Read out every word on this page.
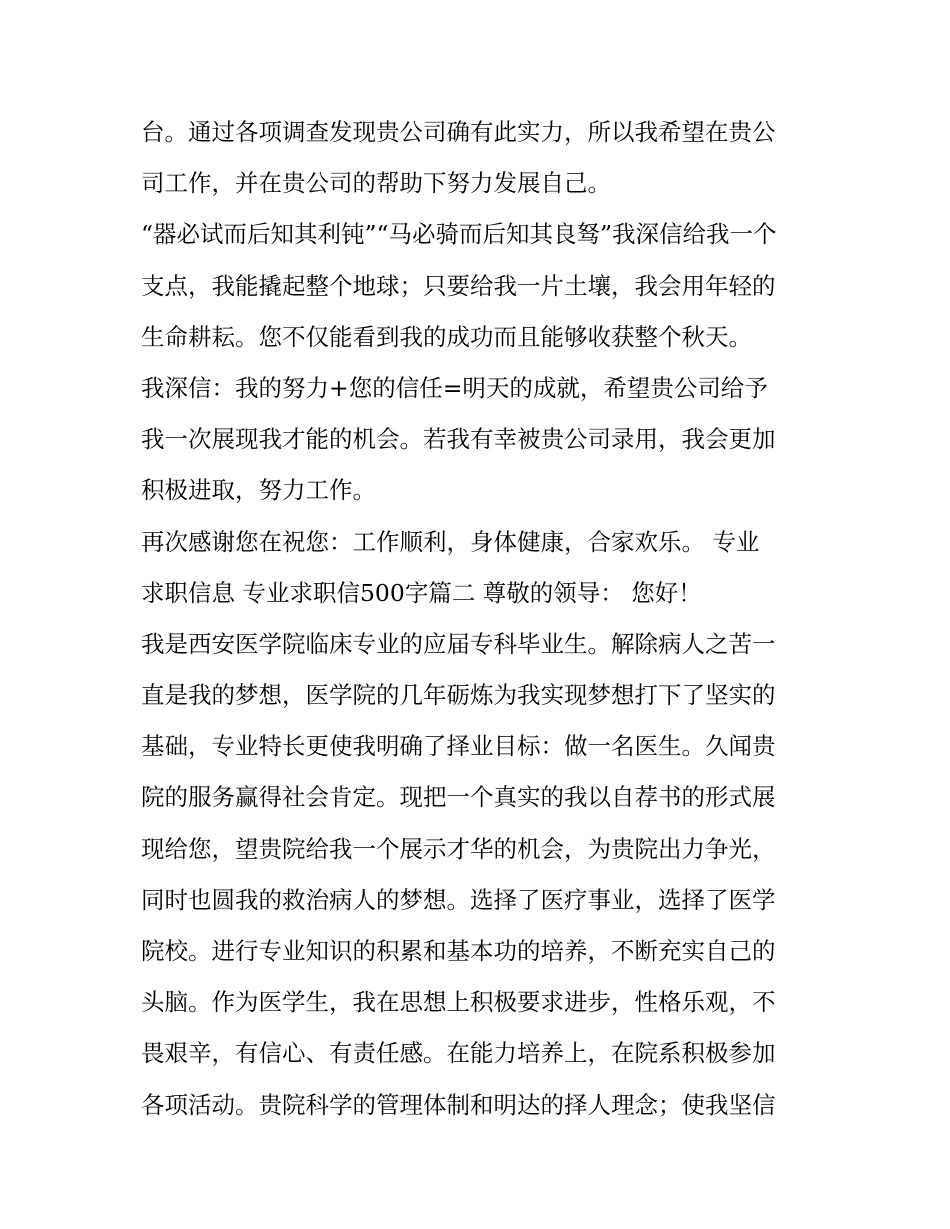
台。通过各项调查发现贵公司确有此实力，所以我希望在贵公
司工作，并在贵公司的帮助下努力发展自己。
“器必试而后知其利钝”“马必骑而后知其良驽”我深信给我一个
支点，我能撬起整个地球；只要给我一片土壤，我会用年轻的
生命耕耘。您不仅能看到我的成功而且能够收获整个秋天。
我深信：我的努力+您的信任=明天的成就，希望贵公司给予
我一次展现我才能的机会。若我有幸被贵公司录用，我会更加
积极进取，努力工作。
再次感谢您在祝您：工作顺利，身体健康，合家欢乐。 专业
求职信息 专业求职信500字篇二 尊敬的领导： 您好！
我是西安医学院临床专业的应届专科毕业生。解除病人之苦一
直是我的梦想，医学院的几年砺炼为我实现梦想打下了坚实的
基础，专业特长更使我明确了择业目标：做一名医生。久闻贵
院的服务赢得社会肯定。现把一个真实的我以自荐书的形式展
现给您，望贵院给我一个展示才华的机会，为贵院出力争光，
同时也圆我的救治病人的梦想。选择了医疗事业，选择了医学
院校。进行专业知识的积累和基本功的培养，不断充实自己的
头脑。作为医学生，我在思想上积极要求进步，性格乐观，不
畏艰辛，有信心、有责任感。在能力培养上，在院系积极参加
各项活动。贵院科学的管理体制和明达的择人理念；使我坚信
